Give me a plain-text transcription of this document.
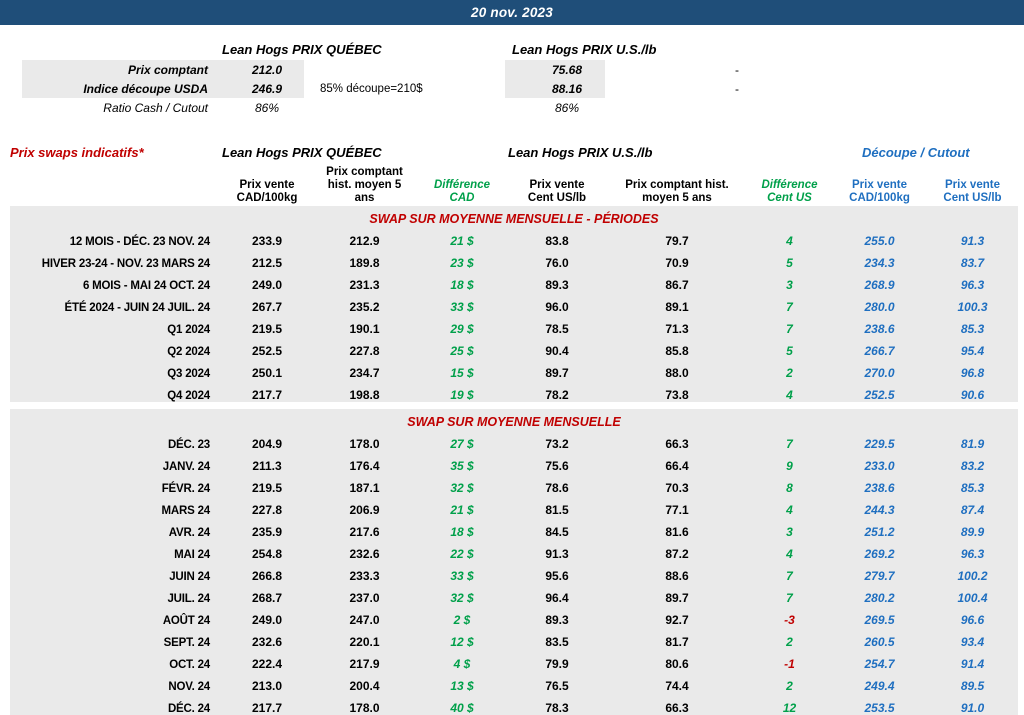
20 nov. 2023
Lean Hogs PRIX QUÉBEC	Lean Hogs PRIX U.S./lb
Prix comptant	212.0	75.68	-
Indice découpe USDA	246.9	85% découpe=210$	88.16	-
Ratio Cash / Cutout	86%	86%
Prix swaps indicatifs*	Lean Hogs PRIX QUÉBEC	Lean Hogs PRIX U.S./lb	Découpe / Cutout

Prix vente
CAD/100kg

Prix comptant
hist. moyen 5
ans

Différence
CAD

Prix vente
Cent US/lb

Prix comptant hist.
moyen 5 ans

Différence
Cent US

Prix vente
CAD/100kg

Prix vente
Cent US/lb

SWAP SUR MOYENNE MENSUELLE - PÉRIODES								
12 MOIS - DÉC. 23 NOV. 24	233.9	212.9	21 $	83.8	79.7	4	255.0	91.3
HIVER 23-24 - NOV. 23 MARS 24	212.5	189.8	23 $	76.0	70.9	5	234.3	83.7
6 MOIS - MAI 24 OCT. 24	249.0	231.3	18 $	89.3	86.7	3	268.9	96.3
ÉTÉ 2024 - JUIN 24 JUIL. 24	267.7	235.2	33 $	96.0	89.1	7	280.0	100.3
Q1 2024	219.5	190.1	29 $	78.5	71.3	7	238.6	85.3
Q2 2024	252.5	227.8	25 $	90.4	85.8	5	266.7	95.4
Q3 2024	250.1	234.7	15 $	89.7	88.0	2	270.0	96.8
Q4 2024	217.7	198.8	19 $	78.2	73.8	4	252.5	90.6

SWAP SUR MOYENNE MENSUELLE								
DÉC. 23	204.9	178.0	27 $	73.2	66.3	7	229.5	81.9
JANV. 24	211.3	176.4	35 $	75.6	66.4	9	233.0	83.2
FÉVR. 24	219.5	187.1	32 $	78.6	70.3	8	238.6	85.3
MARS 24	227.8	206.9	21 $	81.5	77.1	4	244.3	87.4
AVR. 24	235.9	217.6	18 $	84.5	81.6	3	251.2	89.9
MAI 24	254.8	232.6	22 $	91.3	87.2	4	269.2	96.3
JUIN 24	266.8	233.3	33 $	95.6	88.6	7	279.7	100.2
JUIL. 24	268.7	237.0	32 $	96.4	89.7	7	280.2	100.4
AOÛT 24	249.0	247.0	2 $	89.3	92.7	-3	269.5	96.6
SEPT. 24	232.6	220.1	12 $	83.5	81.7	2	260.5	93.4
OCT. 24	222.4	217.9	4 $	79.9	80.6	-1	254.7	91.4
NOV. 24	213.0	200.4	13 $	76.5	74.4	2	249.4	89.5
DÉC. 24	217.7	178.0	40 $	78.3	66.3	12	253.5	91.0
